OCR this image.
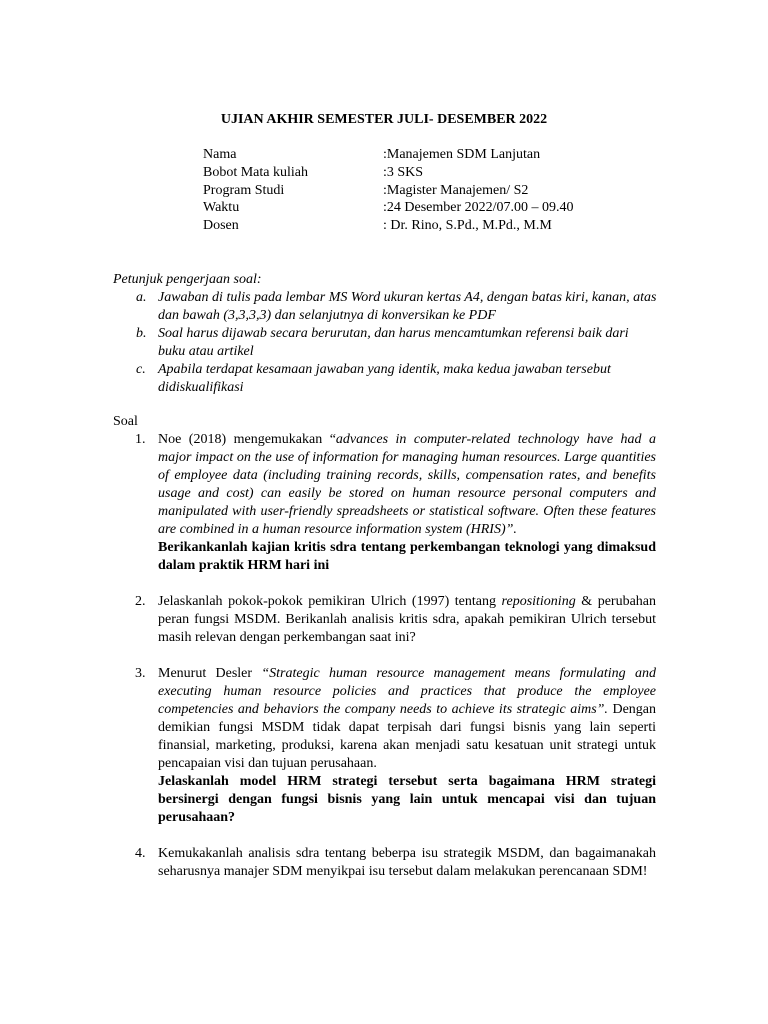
UJIAN AKHIR SEMESTER JULI- DESEMBER 2022
Nama	:Manajemen SDM Lanjutan
Bobot Mata kuliah	:3 SKS
Program Studi	:Magister Manajemen/ S2
Waktu	:24 Desember 2022/07.00 – 09.40
Dosen	: Dr. Rino, S.Pd., M.Pd., M.M
Petunjuk pengerjaan soal:
a. Jawaban di tulis pada lembar MS Word ukuran kertas A4, dengan batas kiri, kanan, atas dan bawah (3,3,3,3) dan selanjutnya di konversikan ke PDF
b. Soal harus dijawab secara berurutan, dan harus mencamtumkan referensi baik dari buku atau artikel
c. Apabila terdapat kesamaan jawaban yang identik, maka kedua jawaban tersebut didiskualifikasi
Soal
1. Noe (2018) mengemukakan “advances in computer-related technology have had a major impact on the use of information for managing human resources. Large quantities of employee data (including training records, skills, compensation rates, and benefits usage and cost) can easily be stored on human resource personal computers and manipulated with user-friendly spreadsheets or statistical software. Often these features are combined in a human resource information system (HRIS)”.

Berikankanlah kajian kritis sdra tentang perkembangan teknologi yang dimaksud dalam praktik HRM hari ini

2. Jelaskanlah pokok-pokok pemikiran Ulrich (1997) tentang repositioning & perubahan peran fungsi MSDM. Berikanlah analisis kritis sdra, apakah pemikiran Ulrich tersebut masih relevan dengan perkembangan saat ini?

3. Menurut Desler “Strategic human resource management means formulating and executing human resource policies and practices that produce the employee competencies and behaviors the company needs to achieve its strategic aims”. Dengan demikian fungsi MSDM tidak dapat terpisah dari fungsi bisnis yang lain seperti finansial, marketing, produksi, karena akan menjadi satu kesatuan unit strategi untuk pencapaian visi dan tujuan perusahaan.

Jelaskanlah model HRM strategi tersebut serta bagaimana HRM strategi bersinergi dengan fungsi bisnis yang lain untuk mencapai visi dan tujuan perusahaan?

4. Kemukakanlah analisis sdra tentang beberpa isu strategik MSDM, dan bagaimanakah seharusnya manajer SDM menyikpai isu tersebut dalam melakukan perencanaan SDM!
